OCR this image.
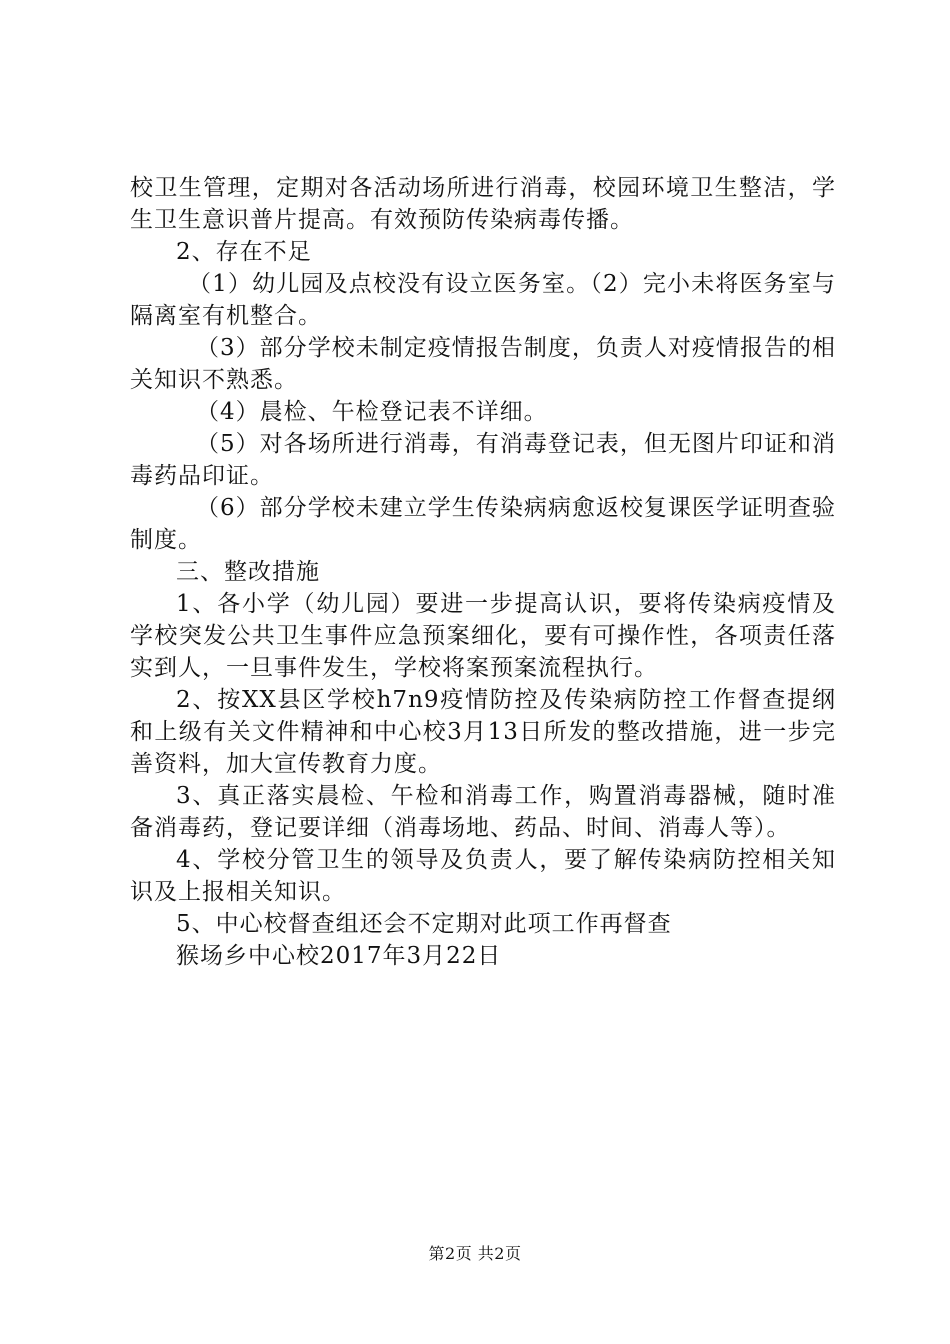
校卫生管理，定期对各活动场所进行消毒，校园环境卫生整洁，学生卫生意识普片提高。有效预防传染病毒传播。

2、存在不足

（1）幼儿园及点校没有设立医务室。（2）完小未将医务室与隔离室有机整合。

（3）部分学校未制定疫情报告制度，负责人对疫情报告的相关知识不熟悉。

（4）晨检、午检登记表不详细。

（5）对各场所进行消毒，有消毒登记表，但无图片印证和消毒药品印证。

（6）部分学校未建立学生传染病病愈返校复课医学证明查验制度。

三、整改措施

1、各小学（幼儿园）要进一步提高认识，要将传染病疫情及学校突发公共卫生事件应急预案细化，要有可操作性，各项责任落实到人，一旦事件发生，学校将案预案流程执行。

2、按XX县区学校h7n9疫情防控及传染病防控工作督查提纲和上级有关文件精神和中心校3月13日所发的整改措施，进一步完善资料，加大宣传教育力度。

3、真正落实晨检、午检和消毒工作，购置消毒器械，随时准备消毒药，登记要详细（消毒场地、药品、时间、消毒人等）。

4、学校分管卫生的领导及负责人，要了解传染病防控相关知识及上报相关知识。

5、中心校督查组还会不定期对此项工作再督查

猴场乡中心校2017年3月22日

第2页 共2页
